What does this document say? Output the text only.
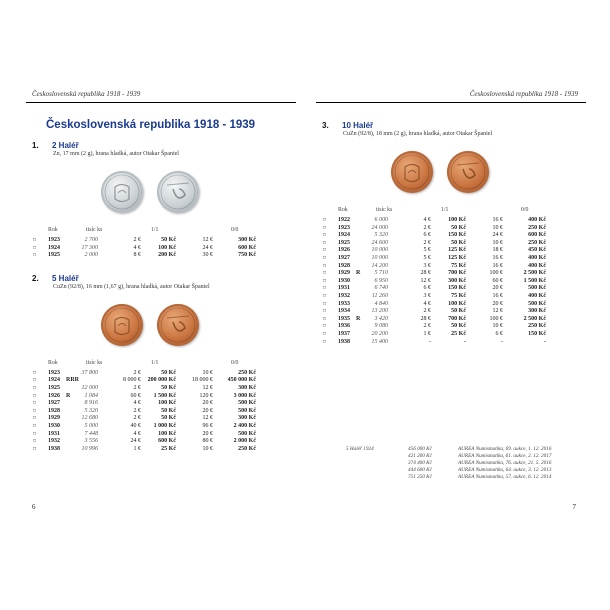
Československá republika 1918 - 1939
Československá republika 1918 - 1939
1. 2 Haléř
Zn, 17 mm (2 g), hrana hladká, autor Otakar Španiel
Rok	tisíc ks	1/1	0/0
□ 1923	2 700	2 €	50 Kč	12 €	300 Kč
□ 1924	17 300	4 €	100 Kč	24 €	600 Kč
□ 1925	2 000	8 €	200 Kč	30 €	750 Kč
2. 5 Haléř
CuZn (92/8), 16 mm (1,67 g), hrana hladká, autor Otakar Španiel
Rok	tisíc ks	1/1	0/0
□ 1923	37 800	2 €	50 Kč	10 €	250 Kč
□ 1924 RRR	8 000 € 200 000 Kč	18 000 € 450 000 Kč
□ 1925	12 000	2 €	50 Kč	12 €	300 Kč
□ 1926 R 1 084	60 € 1 500 Kč	120 €	3 000 Kč
□ 1927	8 916	4 €	100 Kč	20 €	500 Kč
□ 1928	5 320	2 €	50 Kč	20 €	500 Kč
□ 1929	12 680	2 €	50 Kč	12 €	300 Kč
□ 1930	5 000	40 € 1 000 Kč	96 €	2 400 Kč
□ 1931	7 448	4 €	100 Kč	20 €	500 Kč
□ 1932	3 556	24 €	600 Kč	80 €	2 000 Kč
□ 1938	10 996	1 €	25 Kč	10 €	250 Kč
6
Československá republika 1918 - 1939
3. 10 Haléř
CuZn (92/8), 18 mm (2 g), hrana hladká, autor Otakar Španiel
Rok	tisíc ks	1/1	0/0
□ 1922	6 000	4 €	100 Kč	16 €	400 Kč
□ 1923	24 000	2 €	50 Kč	10 €	250 Kč
□ 1924	5 320	6 €	150 Kč	24 €	600 Kč
□ 1925	24 600	2 €	50 Kč	10 €	250 Kč
□ 1926	10 000	5 €	125 Kč	18 €	450 Kč
□ 1927	10 000	5 €	125 Kč	16 €	400 Kč
□ 1928	14 200	3 €	75 Kč	16 €	400 Kč
□ 1929 R 5 710	28 €	700 Kč	100 €	2 500 Kč
□ 1930	6 950	12 €	300 Kč	60 €	1 500 Kč
□ 1931	6 740	6 €	150 Kč	20 €	500 Kč
□ 1932	11 260	3 €	75 Kč	16 €	400 Kč
□ 1933	4 840	4 €	100 Kč	20 €	500 Kč
□ 1934	13 200	2 €	50 Kč	12 €	300 Kč
□ 1935 R 3 420	28 €	700 Kč	100 €	2 500 Kč
□ 1936	9 080	2 €	50 Kč	10 €	250 Kč
□ 1937	20 200	1 €	25 Kč	6 €	150 Kč
□ 1938	15 400	-	-	-	-
5 Haléř 1924	456 000 Kč	AUREA Numismatika, 69. aukce, 1. 12. 2016
421 200 Kč	AUREA Numismatika, 61. aukce, 2. 12. 2017
374 400 Kč	AUREA Numismatika, 76. aukce, 21. 5. 2016
444 600 Kč	AUREA Numismatika, 64. aukce, 3. 12. 2013
751 250 Kč	AUREA Numismatika, 57. aukce, 6. 12. 2014
7
